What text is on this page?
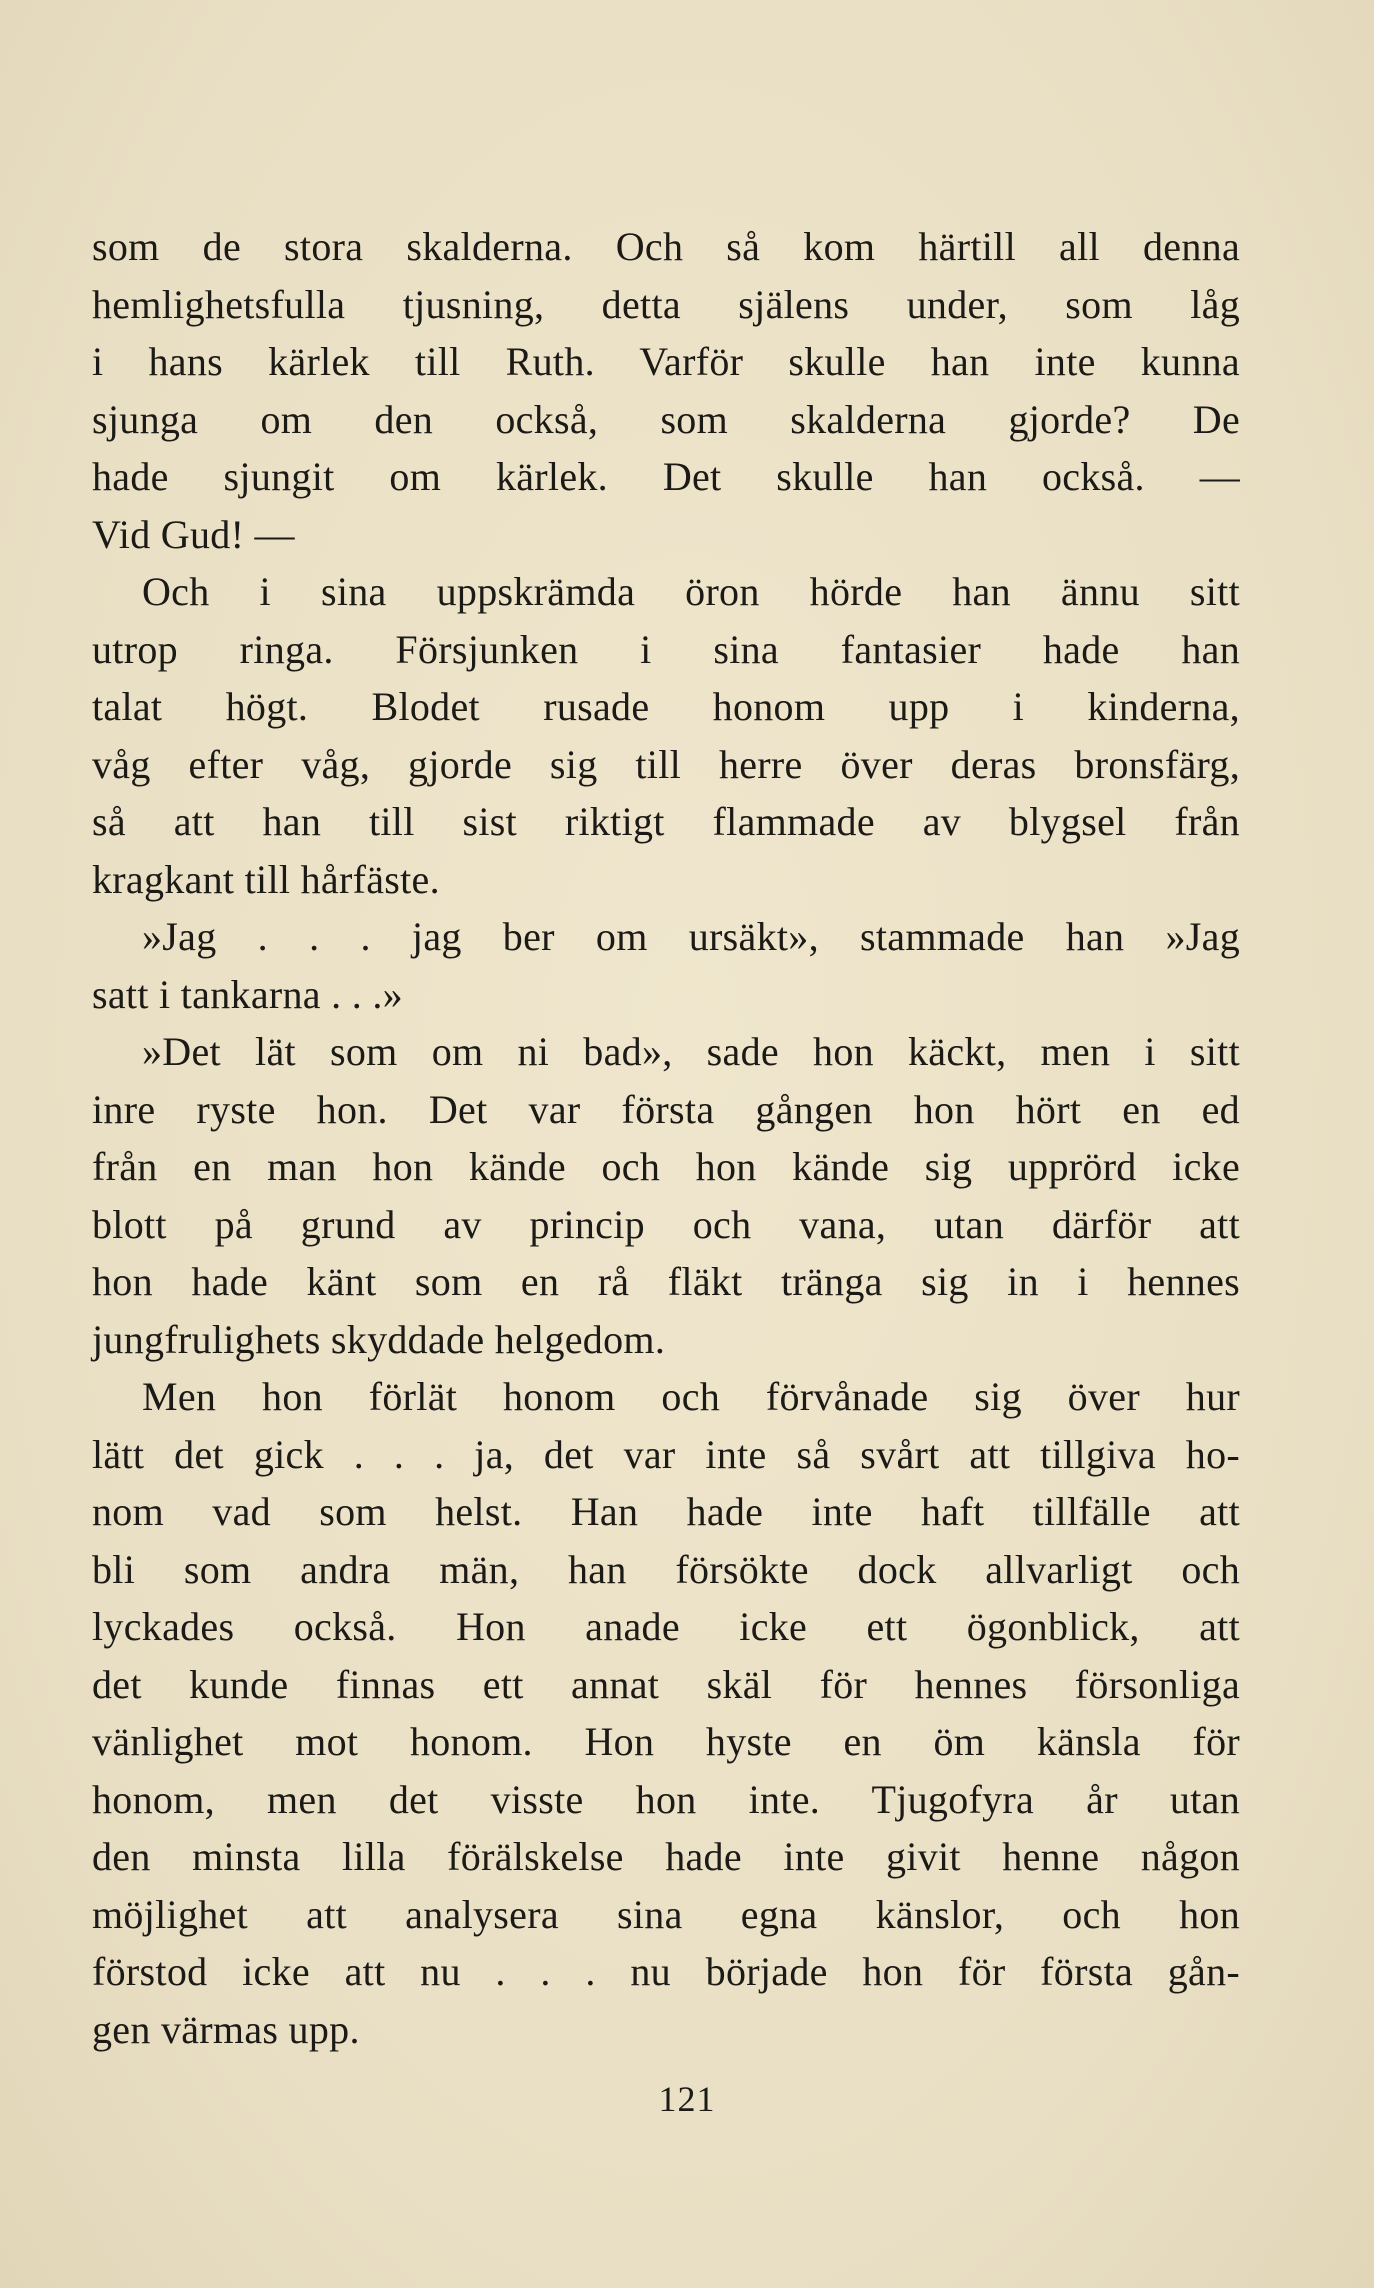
som de stora skalderna. Och så kom härtill all denna
hemlighetsfulla tjusning, detta själens under, som låg
i hans kärlek till Ruth. Varför skulle han inte kunna
sjunga om den också, som skalderna gjorde? De
hade sjungit om kärlek. Det skulle han också. —
Vid Gud! —
Och i sina uppskrämda öron hörde han ännu sitt
utrop ringa. Försjunken i sina fantasier hade han
talat högt. Blodet rusade honom upp i kinderna,
våg efter våg, gjorde sig till herre över deras bronsfärg,
så att han till sist riktigt flammade av blygsel från
kragkant till hårfäste.
»Jag . . . jag ber om ursäkt», stammade han »Jag
satt i tankarna . . .»
»Det lät som om ni bad», sade hon käckt, men i sitt
inre ryste hon. Det var första gången hon hört en ed
från en man hon kände och hon kände sig upprörd icke
blott på grund av princip och vana, utan därför att
hon hade känt som en rå fläkt tränga sig in i hennes
jungfrulighets skyddade helgedom.
Men hon förlät honom och förvånade sig över hur
lätt det gick . . . ja, det var inte så svårt att tillgiva ho-
nom vad som helst. Han hade inte haft tillfälle att
bli som andra män, han försökte dock allvarligt och
lyckades också. Hon anade icke ett ögonblick, att
det kunde finnas ett annat skäl för hennes försonliga
vänlighet mot honom. Hon hyste en öm känsla för
honom, men det visste hon inte. Tjugofyra år utan
den minsta lilla förälskelse hade inte givit henne någon
möjlighet att analysera sina egna känslor, och hon
förstod icke att nu . . . nu började hon för första gån-
gen värmas upp.
121
